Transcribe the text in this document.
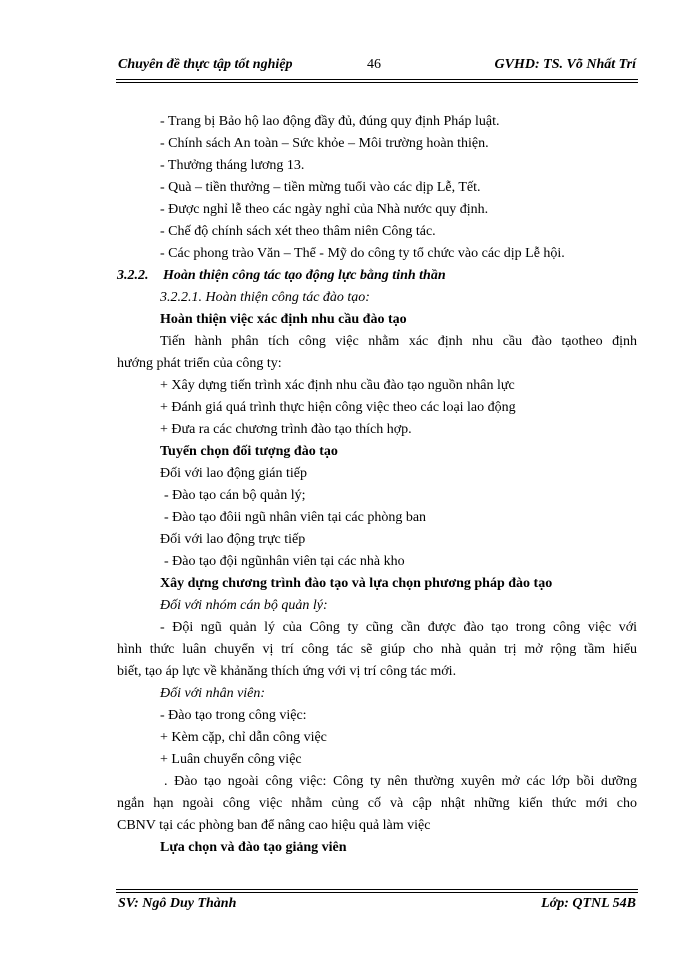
Chuyên đề thực tập tốt nghiệp	46	GVHD: TS. Võ Nhất Trí
- Trang bị Bảo hộ lao động đầy đủ, đúng quy định Pháp luật.
- Chính sách An toàn – Sức khỏe – Môi trường hoàn thiện.
- Thưởng tháng lương 13.
- Quà – tiền thưởng – tiền mừng tuổi vào các dịp Lễ, Tết.
- Được nghỉ lễ theo các ngày nghỉ của Nhà nước quy định.
- Chế độ chính sách xét theo thâm niên Công tác.
- Các phong trào Văn – Thể - Mỹ do công ty tổ chức vào các dịp Lễ hội.
3.2.2. Hoàn thiện công tác tạo động lực bằng tinh thần
3.2.2.1. Hoàn thiện công tác đào tạo:
Hoàn thiện việc xác định nhu cầu đào tạo
Tiến hành phân tích công việc nhằm xác định nhu cầu đào tạotheo định
hướng phát triển của công ty:
+ Xây dựng tiến trình xác định nhu cầu đào tạo nguồn nhân lực
+ Đánh giá quá trình thực hiện công việc theo các loại lao động
+ Đưa ra các chương trình đào tạo thích hợp.
Tuyển chọn đối tượng đào tạo
Đối với lao động gián tiếp
- Đào tạo cán bộ quản lý;
- Đào tạo đôii ngũ nhân viên tại các phòng ban
Đối với lao động trực tiếp
- Đào tạo đội ngũnhân viên tại các nhà kho
Xây dựng chương trình đào tạo và lựa chọn phương pháp đào tạo
Đối với nhóm cán bộ quản lý:
- Đội ngũ quản lý của Công ty cũng cần được đào tạo trong công việc với
hình thức luân chuyển vị trí công tác sẽ giúp cho nhà quản trị mở rộng tầm hiểu
biết, tạo áp lực về khảnăng thích ứng với vị trí công tác mới.
Đối với nhân viên:
- Đào tạo trong công việc:
+ Kèm cặp, chỉ dẫn công việc
+ Luân chuyển công việc
. Đào tạo ngoài công việc: Công ty nên thường xuyên mở các lớp bồi dưỡng
ngắn hạn ngoài công việc nhằm củng cố và cập nhật những kiến thức mới cho
CBNV tại các phòng ban để nâng cao hiệu quả làm việc
Lựa chọn và đào tạo giảng viên
SV: Ngô Duy Thành	Lớp: QTNL 54B
